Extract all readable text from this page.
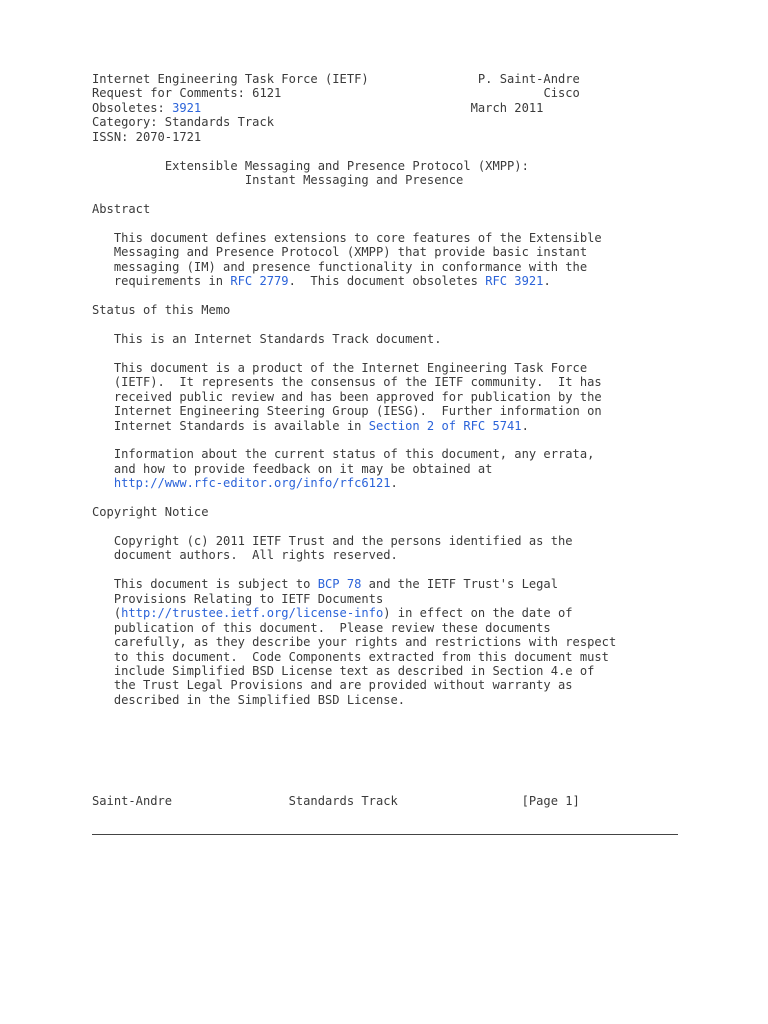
Internet Engineering Task Force (IETF)	P. Saint-Andre
Request for Comments: 6121	Cisco
Obsoletes: 3921	March 2011
Category: Standards Track
ISSN: 2070-1721

Extensible Messaging and Presence Protocol (XMPP):
Instant Messaging and Presence

Abstract

This document defines extensions to core features of the Extensible
Messaging and Presence Protocol (XMPP) that provide basic instant
messaging (IM) and presence functionality in conformance with the
requirements in RFC 2779.  This document obsoletes RFC 3921.

Status of this Memo

This is an Internet Standards Track document.

This document is a product of the Internet Engineering Task Force
(IETF).  It represents the consensus of the IETF community.  It has
received public review and has been approved for publication by the
Internet Engineering Steering Group (IESG).  Further information on
Internet Standards is available in Section 2 of RFC 5741.

Information about the current status of this document, any errata,
and how to provide feedback on it may be obtained at
http://www.rfc-editor.org/info/rfc6121.

Copyright Notice

Copyright (c) 2011 IETF Trust and the persons identified as the
document authors.  All rights reserved.

This document is subject to BCP 78 and the IETF Trust's Legal
Provisions Relating to IETF Documents
(http://trustee.ietf.org/license-info) in effect on the date of
publication of this document.  Please review these documents
carefully, as they describe your rights and restrictions with respect
to this document.  Code Components extracted from this document must
include Simplified BSD License text as described in Section 4.e of
the Trust Legal Provisions and are provided without warranty as
described in the Simplified BSD License.

Saint-Andre	Standards Track	[Page 1]
